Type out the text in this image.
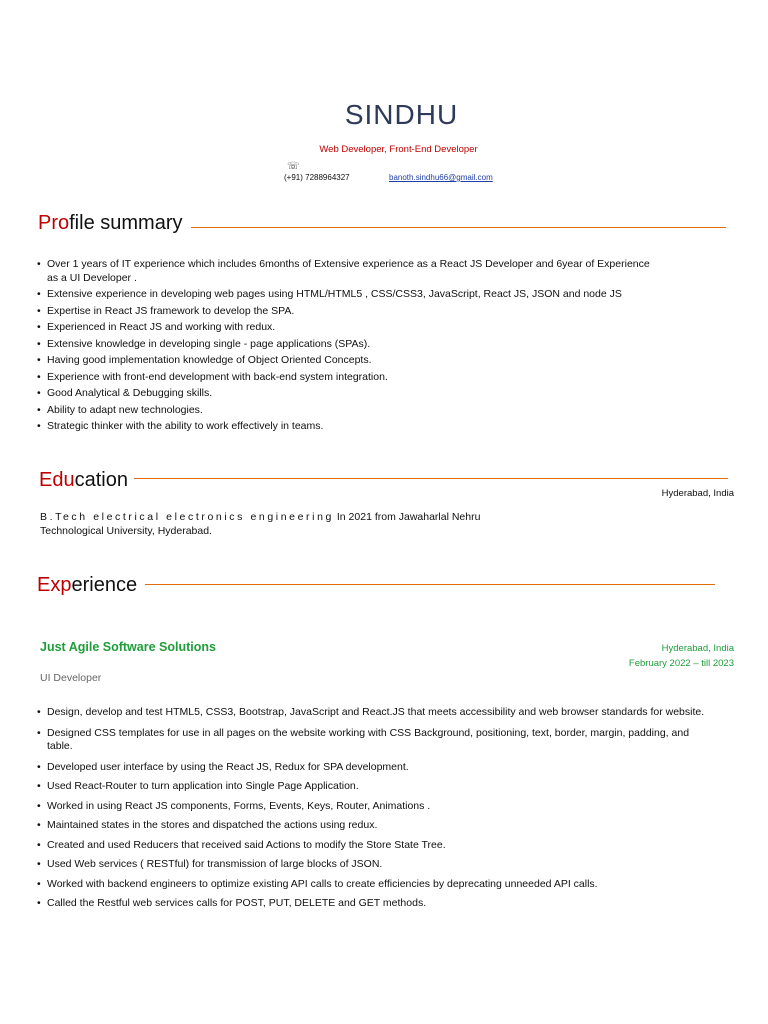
SINDHU
Web Developer, Front-End Developer
☏
(+91) 7288964327	banoth.sindhu66@gmail.com
Profile summary
• Over 1 years of IT experience which includes 6months of Extensive experience as a React JS Developer and 6year of Experience as a UI Developer .
• Extensive experience in developing web pages using HTML/HTML5 , CSS/CSS3, JavaScript, React JS, JSON and node JS
• Expertise in React JS framework to develop the SPA.
• Experienced in React JS and working with redux.
• Extensive knowledge in developing single - page applications (SPAs).
• Having good implementation knowledge of Object Oriented Concepts.
• Experience with front-end development with back-end system integration.
• Good Analytical & Debugging skills.
• Ability to adapt new technologies.
• Strategic thinker with the ability to work effectively in teams.
Education
Hyderabad, India
B.Tech electrical electronics engineering In 2021 from Jawaharlal Nehru
Technological University, Hyderabad.
Experience
Just Agile Software Solutions	Hyderabad, India
February 2022 – till 2023
UI Developer
• Design, develop and test HTML5, CSS3, Bootstrap, JavaScript and React.JS that meets accessibility and web browser standards for website.
• Designed CSS templates for use in all pages on the website working with CSS Background, positioning, text, border, margin, padding, and table.
• Developed user interface by using the React JS, Redux for SPA development.
• Used React-Router to turn application into Single Page Application.
• Worked in using React JS components, Forms, Events, Keys, Router, Animations .
• Maintained states in the stores and dispatched the actions using redux.
• Created and used Reducers that received said Actions to modify the Store State Tree.
• Used Web services ( RESTful) for transmission of large blocks of JSON.
• Worked with backend engineers to optimize existing API calls to create efficiencies by deprecating unneeded API calls.
• Called the Restful web services calls for POST, PUT, DELETE and GET methods.
